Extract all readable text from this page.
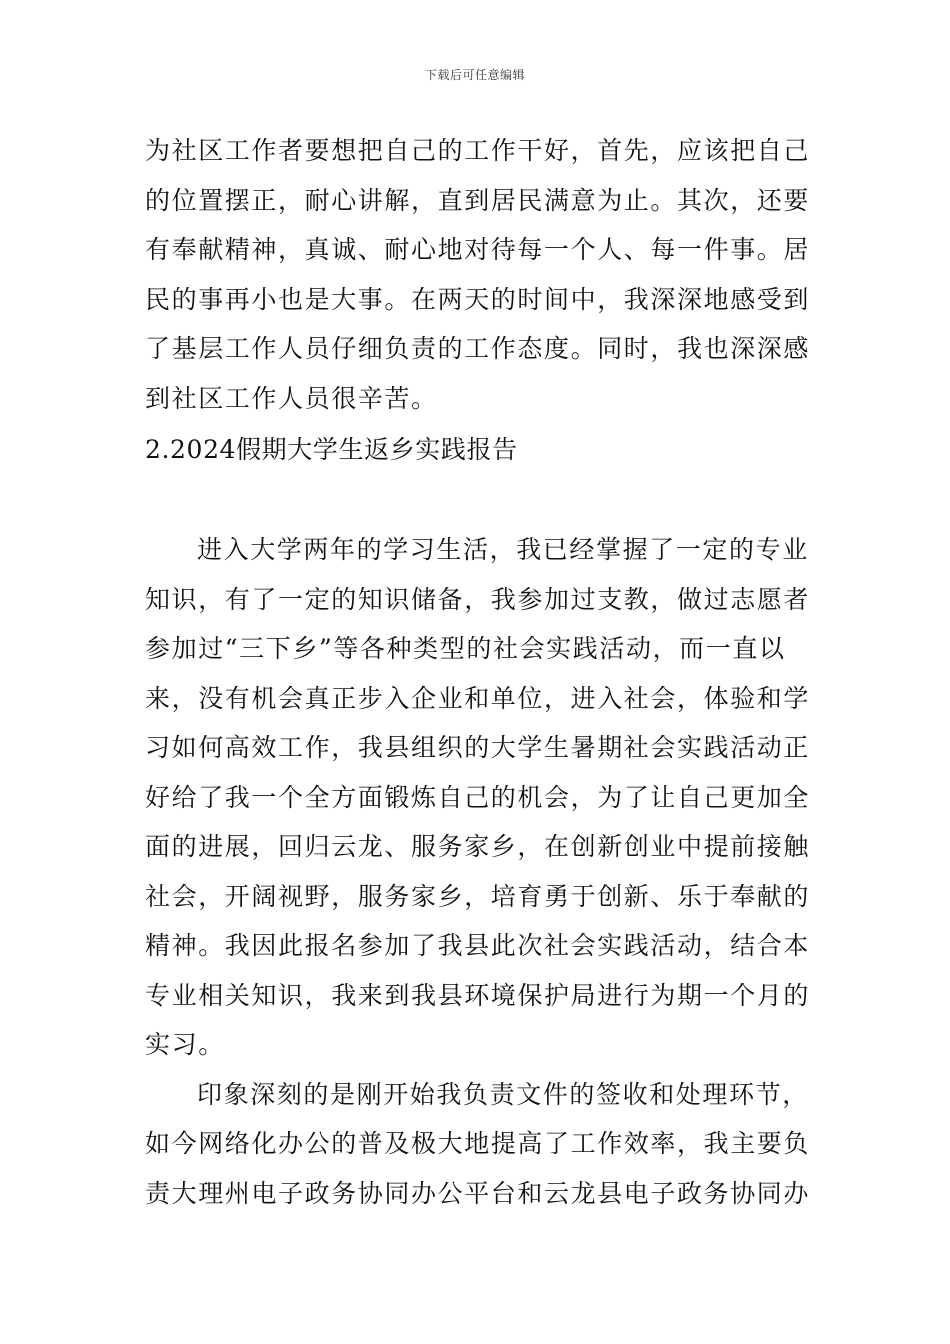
下载后可任意编辑

为社区工作者要想把自己的工作干好，首先，应该把自己的位置摆正，耐心讲解，直到居民满意为止。其次，还要有奉献精神，真诚、耐心地对待每一个人、每一件事。居民的事再小也是大事。在两天的时间中，我深深地感受到了基层工作人员仔细负责的工作态度。同时，我也深深感到社区工作人员很辛苦。

2.2024假期大学生返乡实践报告

进入大学两年的学习生活，我已经掌握了一定的专业知识，有了一定的知识储备，我参加过支教，做过志愿者参加过“三下乡”等各种类型的社会实践活动，而一直以来，没有机会真正步入企业和单位，进入社会，体验和学习如何高效工作，我县组织的大学生暑期社会实践活动正好给了我一个全方面锻炼自己的机会，为了让自己更加全面的进展，回归云龙、服务家乡，在创新创业中提前接触社会，开阔视野，服务家乡，培育勇于创新、乐于奉献的精神。我因此报名参加了我县此次社会实践活动，结合本专业相关知识，我来到我县环境保护局进行为期一个月的实习。

印象深刻的是刚开始我负责文件的签收和处理环节，如今网络化办公的普及极大地提高了工作效率，我主要负责大理州电子政务协同办公平台和云龙县电子政务协同办
